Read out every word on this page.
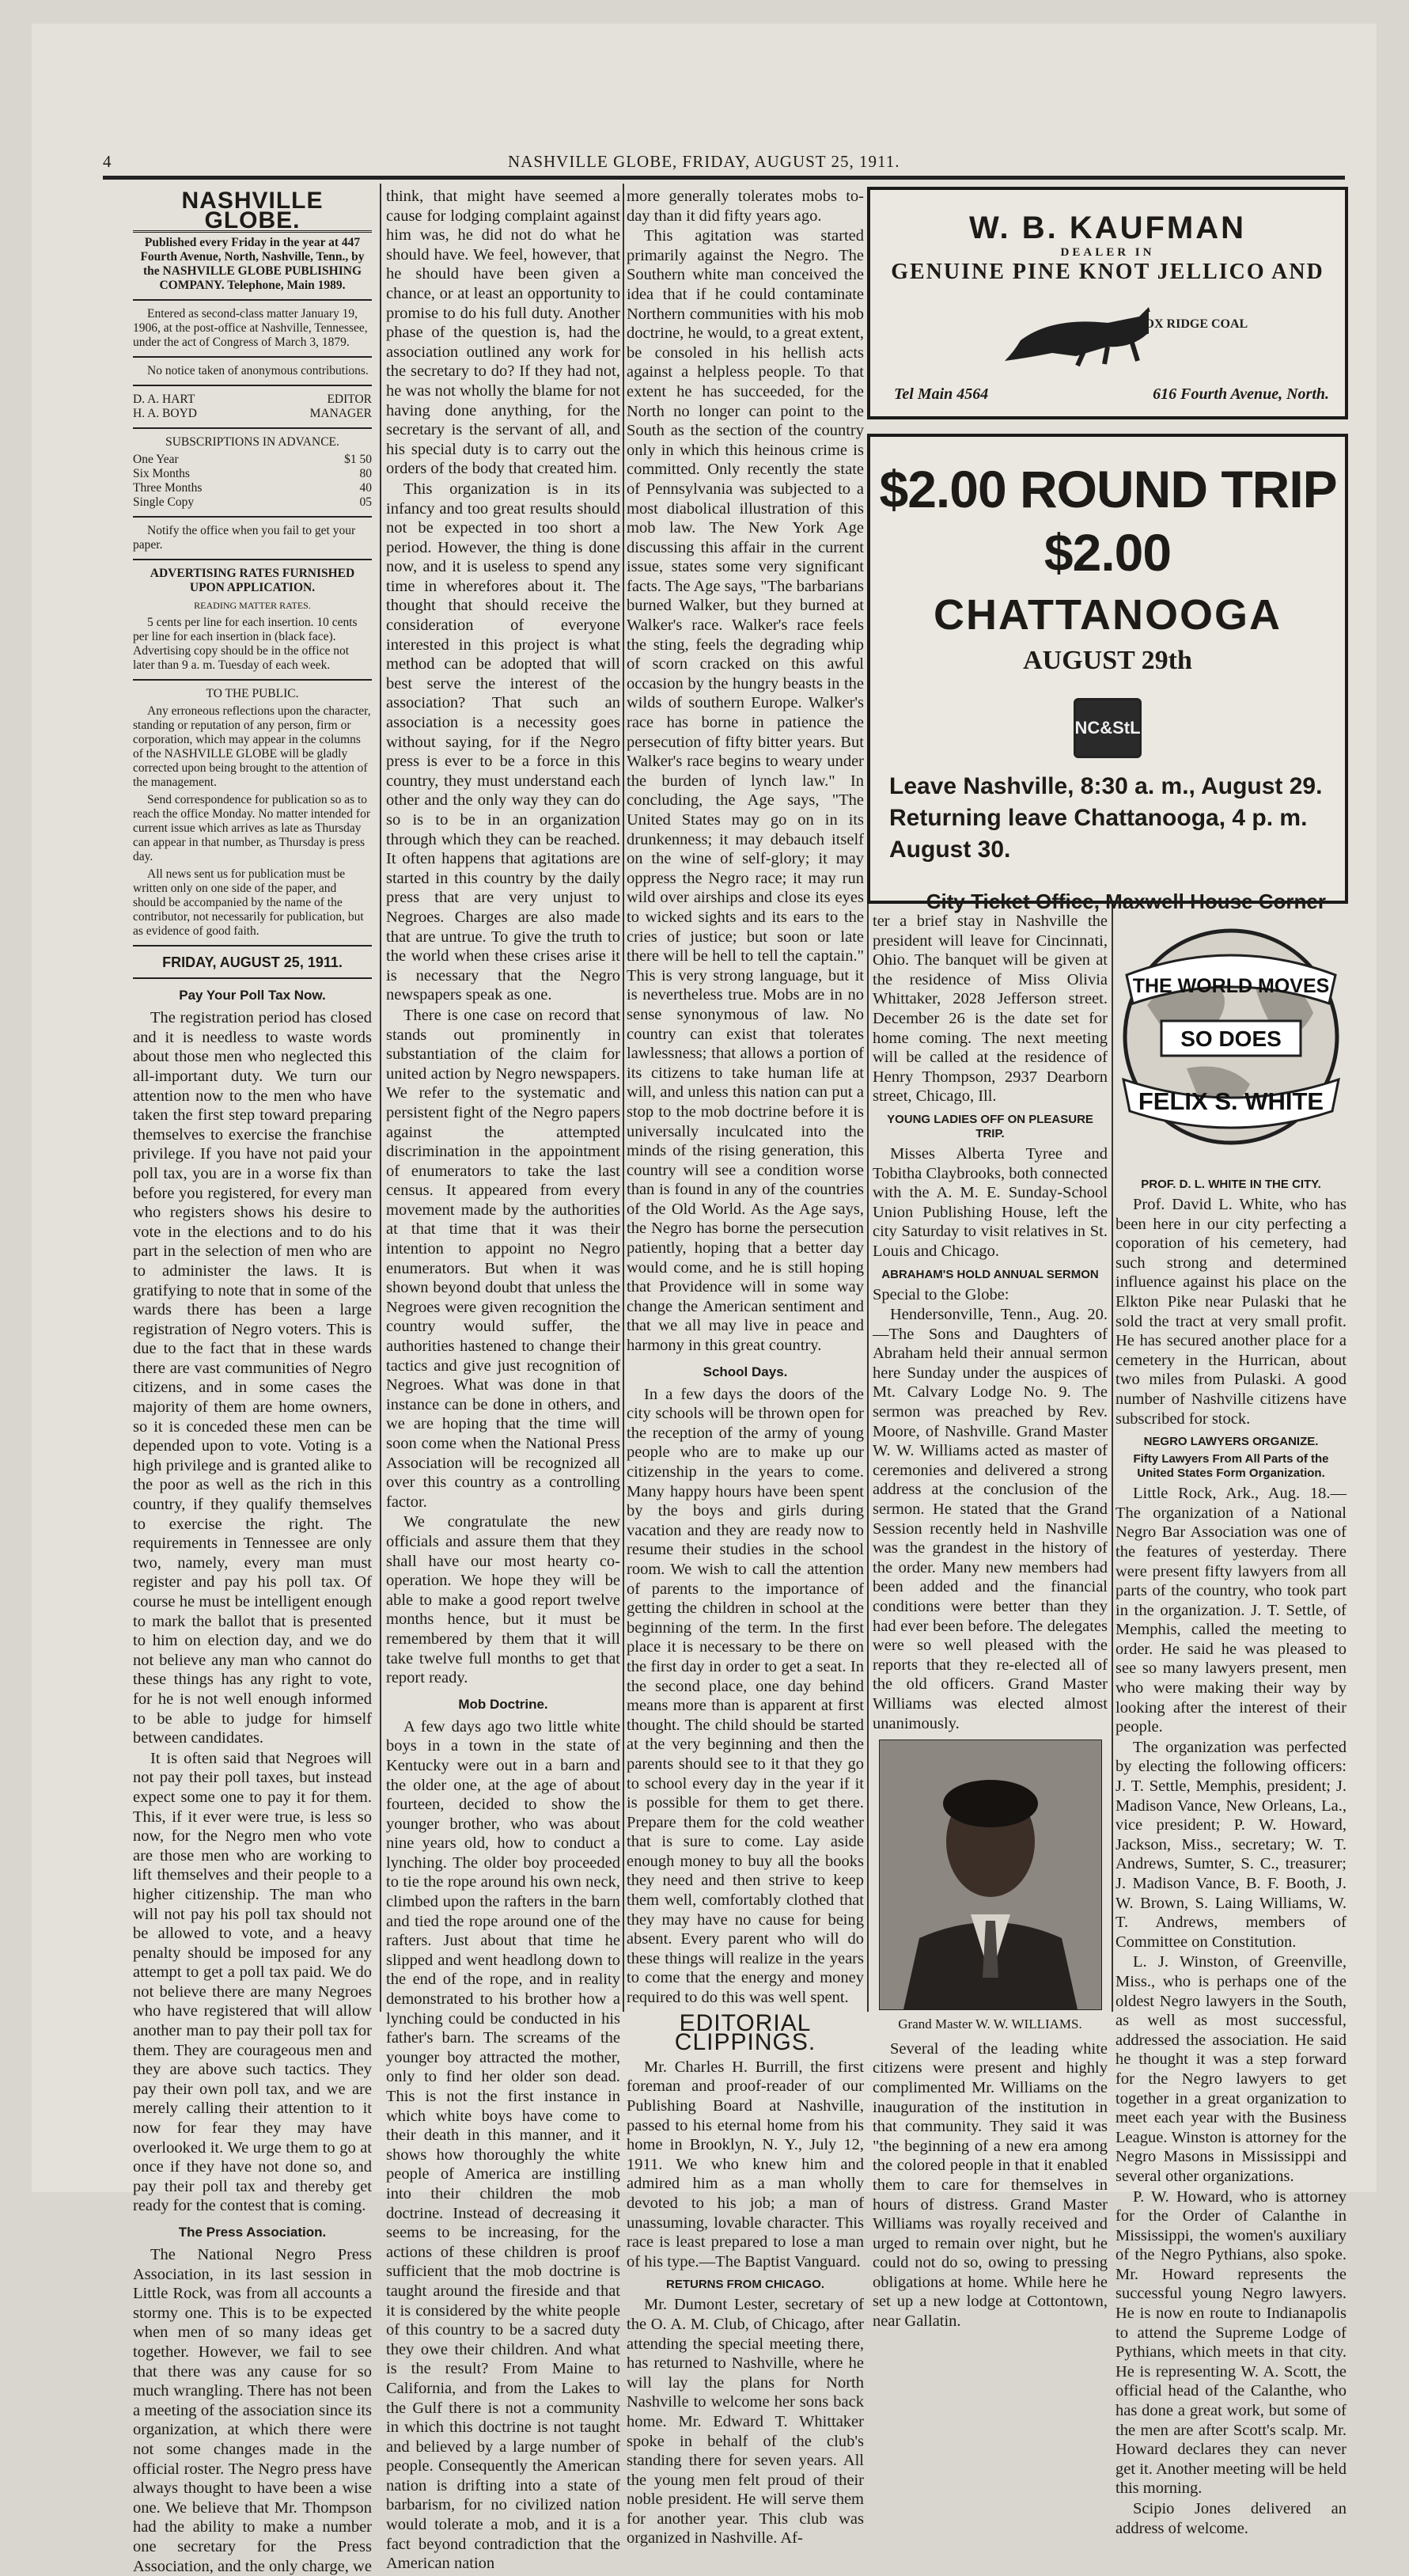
4	NASHVILLE GLOBE, FRIDAY, AUGUST 25, 1911.
NASHVILLE GLOBE.

Published every Friday in the year at 447 Fourth Avenue, North, Nashville, Tenn., by the NASHVILLE GLOBE PUBLISHING COMPANY. Telephone, Main 1989.

Entered as second-class matter January 19, 1906, at the post-office at Nashville, Tennessee, under the act of Congress of March 3, 1879.

No notice taken of anonymous contributions.

D. A. HART	EDITOR
H. A. BOYD	MANAGER

SUBSCRIPTIONS IN ADVANCE.

One Year	$1 50
Six Months	80
Three Months	40
Single Copy	05

Notify the office when you fail to get your paper.

ADVERTISING RATES FURNISHED UPON APPLICATION.

READING MATTER RATES.

5 cents per line for each insertion. 10 cents per line for each insertion in (black face). Advertising copy should be in the office not later than 9 a. m. Tuesday of each week.

TO THE PUBLIC.

Any erroneous reflections upon the character, standing or reputation of any person, firm or corporation, which may appear in the columns of the NASHVILLE GLOBE will be gladly corrected upon being brought to the attention of the management.

Send correspondence for publication so as to reach the office Monday. No matter intended for current issue which arrives as late as Thursday can appear in that number, as Thursday is press day.

All news sent us for publication must be written only on one side of the paper, and should be accompanied by the name of the contributor, not necessarily for publication, but as evidence of good faith.

FRIDAY, AUGUST 25, 1911.
Pay Your Poll Tax Now.

The registration period has closed and it is needless to waste words about those men who neglected this all-important duty. We turn our attention now to the men who have taken the first step toward preparing themselves to exercise the franchise privilege. If you have not paid your poll tax, you are in a worse fix than before you registered, for every man who registers shows his desire to vote in the elections and to do his part in the selection of men who are to administer the laws. It is gratifying to note that in some of the wards there has been a large registration of Negro voters. This is due to the fact that in these wards there are vast communities of Negro citizens, and in some cases the majority of them are home owners, so it is conceded these men can be depended upon to vote. Voting is a high privilege and is granted alike to the poor as well as the rich in this country, if they qualify themselves to exercise the right. The requirements in Tennessee are only two, namely, every man must register and pay his poll tax. Of course he must be intelligent enough to mark the ballot that is presented to him on election day, and we do not believe any man who cannot do these things has any right to vote, for he is not well enough informed to be able to judge for himself between candidates.

It is often said that Negroes will not pay their poll taxes, but instead expect some one to pay it for them. This, if it ever were true, is less so now, for the Negro men who vote are those men who are working to lift themselves and their people to a higher citizenship. The man who will not pay his poll tax should not be allowed to vote, and a heavy penalty should be imposed for any attempt to get a poll tax paid. We do not believe there are many Negroes who have registered that will allow another man to pay their poll tax for them. They are courageous men and they are above such tactics. They pay their own poll tax, and we are merely calling their attention to it now for fear they may have overlooked it. We urge them to go at once if they have not done so, and pay their poll tax and thereby get ready for the contest that is coming.

The Press Association.

The National Negro Press Association, in its last session in Little Rock, was from all accounts a stormy one. This is to be expected when men of so many ideas get together. However, we fail to see that there was any cause for so much wrangling. There has not been a meeting of the association since its organization, at which there were not some changes made in the official roster. The Negro press have always thought to have been a wise one. We believe that Mr. Thompson had the ability to make a number one secretary for the Press Association, and the only charge, we

think, that might have seemed a cause for lodging complaint against him was, he did not do what he should have. We feel, however, that he should have been given a chance, or at least an opportunity to promise to do his full duty. Another phase of the question is, had the association outlined any work for the secretary to do? If they had not, he was not wholly the blame for not having done anything, for the secretary is the servant of all, and his special duty is to carry out the orders of the body that created him.

This organization is in its infancy and too great results should not be expected in too short a period. However, the thing is done now, and it is useless to spend any time in wherefores about it. The thought that should receive the consideration of everyone interested in this project is what method can be adopted that will best serve the interest of the association? That such an association is a necessity goes without saying, for if the Negro press is ever to be a force in this country, they must understand each other and the only way they can do so is to be in an organization through which they can be reached. It often happens that agitations are started in this country by the daily press that are very unjust to Negroes. Charges are also made that are untrue. To give the truth to the world when these crises arise it is necessary that the Negro newspapers speak as one.

There is one case on record that stands out prominently in substantiation of the claim for united action by Negro newspapers. We refer to the systematic and persistent fight of the Negro papers against the attempted discrimination in the appointment of enumerators to take the last census. It appeared from every movement made by the authorities at that time that it was their intention to appoint no Negro enumerators. But when it was shown beyond doubt that unless the Negroes were given recognition the country would suffer, the authorities hastened to change their tactics and give just recognition of Negroes. What was done in that instance can be done in others, and we are hoping that the time will soon come when the National Press Association will be recognized all over this country as a controlling factor.

We congratulate the new officials and assure them that they shall have our most hearty co-operation. We hope they will be able to make a good report twelve months hence, but it must be remembered by them that it will take twelve full months to get that report ready.

Mob Doctrine.

A few days ago two little white boys in a town in the state of Kentucky were out in a barn and the older one, at the age of about fourteen, decided to show the younger brother, who was about nine years old, how to conduct a lynching. The older boy proceeded to tie the rope around his own neck, climbed upon the rafters in the barn and tied the rope around one of the rafters. Just about that time he slipped and went headlong down to the end of the rope, and in reality demonstrated to his brother how a lynching could be conducted in his father's barn. The screams of the younger boy attracted the mother, only to find her older son dead. This is not the first instance in which white boys have come to their death in this manner, and it shows how thoroughly the white people of America are instilling into their children the mob doctrine. Instead of decreasing it seems to be increasing, for the actions of these children is proof sufficient that the mob doctrine is taught around the fireside and that it is considered by the white people of this country to be a sacred duty they owe their children. And what is the result? From Maine to California, and from the Lakes to the Gulf there is not a community in which this doctrine is not taught and believed by a large number of people. Consequently the American nation is drifting into a state of barbarism, for no civilized nation would tolerate a mob, and it is a fact beyond contradiction that the American nation

more generally tolerates mobs to-day than it did fifty years ago.

This agitation was started primarily against the Negro. The Southern white man conceived the idea that if he could contaminate Northern communities with his mob doctrine, he would, to a great extent, be consoled in his hellish acts against a helpless people. To that extent he has succeeded, for the North no longer can point to the South as the section of the country only in which this heinous crime is committed. Only recently the state of Pennsylvania was subjected to a most diabolical illustration of this mob law. The New York Age discussing this affair in the current issue, states some very significant facts. The Age says, "The barbarians burned Walker, but they burned at Walker's race. Walker's race feels the sting, feels the degrading whip of scorn cracked on this awful occasion by the hungry beasts in the wilds of southern Europe. Walker's race has borne in patience the persecution of fifty bitter years. But Walker's race begins to weary under the burden of lynch law." In concluding, the Age says, "The United States may go on in its drunkenness; it may debauch itself on the wine of self-glory; it may oppress the Negro race; it may run wild over airships and close its eyes to wicked sights and its ears to the cries of justice; but soon or late there will be hell to tell the captain." This is very strong language, but it is nevertheless true. Mobs are in no sense synonymous of law. No country can exist that tolerates lawlessness; that allows a portion of its citizens to take human life at will, and unless this nation can put a stop to the mob doctrine before it is universally inculcated into the minds of the rising generation, this country will see a condition worse than is found in any of the countries of the Old World. As the Age says, the Negro has borne the persecution patiently, hoping that a better day would come, and he is still hoping that Providence will in some way change the American sentiment and that we all may live in peace and harmony in this great country.

School Days.

In a few days the doors of the city schools will be thrown open for the reception of the army of young people who are to make up our citizenship in the years to come. Many happy hours have been spent by the boys and girls during vacation and they are ready now to resume their studies in the school room. We wish to call the attention of parents to the importance of getting the children in school at the beginning of the term. In the first place it is necessary to be there on the first day in order to get a seat. In the second place, one day behind means more than is apparent at first thought. The child should be started at the very beginning and then the parents should see to it that they go to school every day in the year if it is possible for them to get there. Prepare them for the cold weather that is sure to come. Lay aside enough money to buy all the books they need and then strive to keep them well, comfortably clothed that they may have no cause for being absent. Every parent who will do these things will realize in the years to come that the energy and money required to do this was well spent.

EDITORIAL CLIPPINGS.

Mr. Charles H. Burrill, the first foreman and proof-reader of our Publishing Board at Nashville, passed to his eternal home from his home in Brooklyn, N. Y., July 12, 1911. We who knew him and admired him as a man wholly devoted to his job; a man of unassuming, lovable character. This race is least prepared to lose a man of his type.—The Baptist Vanguard.

RETURNS FROM CHICAGO.

Mr. Dumont Lester, secretary of the O. A. M. Club, of Chicago, after attending the special meeting there, has returned to Nashville, where he will lay the plans for North Nashville to welcome her sons back home. Mr. Edward T. Whittaker spoke in behalf of the club's standing there for seven years. All the young men felt proud of their noble president. He will serve them for another year. This club was organized in Nashville. Af-

W. B. KAUFMAN
DEALER IN
GENUINE PINE KNOT JELLICO AND
FOX RIDGE COAL
Tel Main 4564	616 Fourth Avenue, North.
$2.00 ROUND TRIP $2.00
CHATTANOOGA
AUGUST 29th
NC&StL
Leave Nashville, 8:30 a. m., August 29. Returning leave Chattanooga, 4 p. m. August 30.
City Ticket Office, Maxwell House Corner

ter a brief stay in Nashville the president will leave for Cincinnati, Ohio. The banquet will be given at the residence of Miss Olivia Whittaker, 2028 Jefferson street. December 26 is the date set for home coming. The next meeting will be called at the residence of Henry Thompson, 2937 Dearborn street, Chicago, Ill.

YOUNG LADIES OFF ON PLEASURE TRIP.

Misses Alberta Tyree and Tobitha Claybrooks, both connected with the A. M. E. Sunday-School Union Publishing House, left the city Saturday to visit relatives in St. Louis and Chicago.

ABRAHAM'S HOLD ANNUAL SERMON

Special to the Globe:

Hendersonville, Tenn., Aug. 20.—The Sons and Daughters of Abraham held their annual sermon here Sunday under the auspices of Mt. Calvary Lodge No. 9. The sermon was preached by Rev. Moore, of Nashville. Grand Master W. W. Williams acted as master of ceremonies and delivered a strong address at the conclusion of the sermon. He stated that the Grand Session recently held in Nashville was the grandest in the history of the order. Many new members had been added and the financial conditions were better than they had ever been before. The delegates were so well pleased with the reports that they re-elected all of the old officers. Grand Master Williams was elected almost unanimously.

Grand Master W. W. WILLIAMS.

Several of the leading white citizens were present and highly complimented Mr. Williams on the inauguration of the institution in that community. They said it was "the beginning of a new era among the colored people in that it enabled them to care for themselves in hours of distress. Grand Master Williams was royally received and urged to remain over night, but he could not do so, owing to pressing obligations at home. While here he set up a new lodge at Cottontown, near Gallatin.

THE WORLD MOVES
SO DOES
FELIX S. WHITE
PROF. D. L. WHITE IN THE CITY.

Prof. David L. White, who has been here in our city perfecting a coporation of his cemetery, had such strong and determined influence against his place on the Elkton Pike near Pulaski that he sold the tract at very small profit. He has secured another place for a cemetery in the Hurrican, about two miles from Pulaski. A good number of Nashville citizens have subscribed for stock.

NEGRO LAWYERS ORGANIZE.
Fifty Lawyers From All Parts of the United States Form Organization.

Little Rock, Ark., Aug. 18.—The organization of a National Negro Bar Association was one of the features of yesterday. There were present fifty lawyers from all parts of the country, who took part in the organization. J. T. Settle, of Memphis, called the meeting to order. He said he was pleased to see so many lawyers present, men who were making their way by looking after the interest of their people.

The organization was perfected by electing the following officers: J. T. Settle, Memphis, president; J. Madison Vance, New Orleans, La., vice president; P. W. Howard, Jackson, Miss., secretary; W. T. Andrews, Sumter, S. C., treasurer; J. Madison Vance, B. F. Booth, J. W. Brown, S. Laing Williams, W. T. Andrews, members of Committee on Constitution.

L. J. Winston, of Greenville, Miss., who is perhaps one of the oldest Negro lawyers in the South, as well as most successful, addressed the association. He said he thought it was a step forward for the Negro lawyers to get together in a great organization to meet each year with the Business League. Winston is attorney for the Negro Masons in Mississippi and several other organizations.

P. W. Howard, who is attorney for the Order of Calanthe in Mississippi, the women's auxiliary of the Negro Pythians, also spoke. Mr. Howard represents the successful young Negro lawyers. He is now en route to Indianapolis to attend the Supreme Lodge of Pythians, which meets in that city. He is representing W. A. Scott, the official head of the Calanthe, who has done a great work, but some of the men are after Scott's scalp. Mr. Howard declares they can never get it. Another meeting will be held this morning.

Scipio Jones delivered an address of welcome.
